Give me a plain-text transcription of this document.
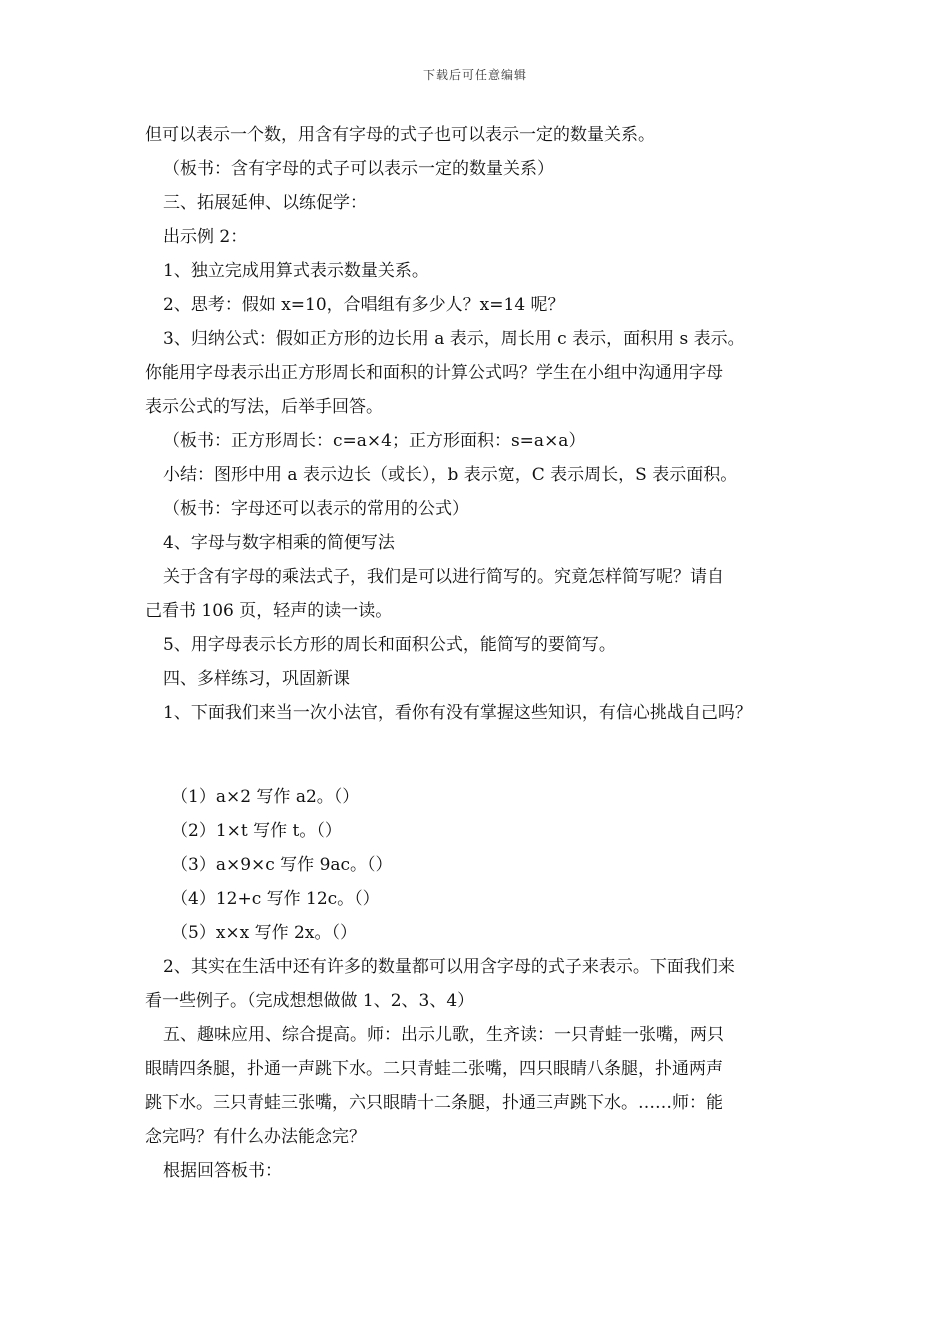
下载后可任意编辑
但可以表示一个数，用含有字母的式子也可以表示一定的数量关系。
（板书：含有字母的式子可以表示一定的数量关系）
三、拓展延伸、以练促学：
出示例 2：
1、独立完成用算式表示数量关系。
2、思考：假如 x=10，合唱组有多少人？x=14 呢？
3、归纳公式：假如正方形的边长用 a 表示，周长用 c 表示，面积用 s 表示。
你能用字母表示出正方形周长和面积的计算公式吗？学生在小组中沟通用字母
表示公式的写法，后举手回答。
（板书：正方形周长：c=a×4；正方形面积：s=a×a）
小结：图形中用 a 表示边长（或长），b 表示宽，C 表示周长，S 表示面积。
（板书：字母还可以表示的常用的公式）
4、字母与数字相乘的简便写法
关于含有字母的乘法式子，我们是可以进行简写的。究竟怎样简写呢？请自
己看书 106 页，轻声的读一读。
5、用字母表示长方形的周长和面积公式，能简写的要简写。
四、多样练习，巩固新课
1、下面我们来当一次小法官，看你有没有掌握这些知识，有信心挑战自己吗？
（1）a×2 写作 a2。（）
（2）1×t 写作 t。（）
（3）a×9×c 写作 9ac。（）
（4）12+c 写作 12c。（）
（5）x×x 写作 2x。（）
2、其实在生活中还有许多的数量都可以用含字母的式子来表示。下面我们来
看一些例子。（完成想想做做 1、2、3、4）
五、趣味应用、综合提高。师：出示儿歌，生齐读：一只青蛙一张嘴，两只
眼睛四条腿，扑通一声跳下水。二只青蛙二张嘴，四只眼睛八条腿，扑通两声
跳下水。三只青蛙三张嘴，六只眼睛十二条腿，扑通三声跳下水。……师：能
念完吗？有什么办法能念完？
根据回答板书：
